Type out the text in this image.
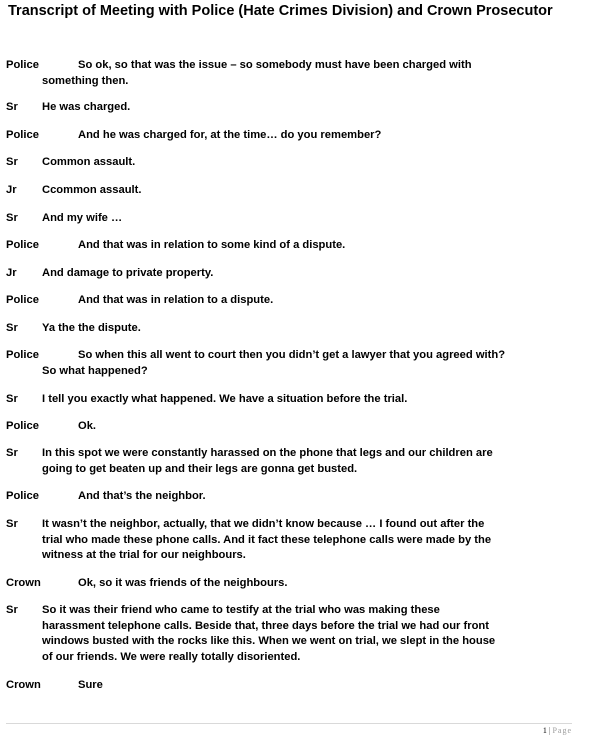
Transcript of Meeting with Police (Hate Crimes Division) and Crown Prosecutor
Police	So ok, so that was the issue – so somebody must have been charged with
something then.
Sr He was charged.
Police	And he was charged for, at the time… do you remember?
Sr Common assault.
Jr Ccommon assault.
Sr And my wife …
Police	And that was in relation to some kind of a dispute.
Jr And damage to private property.
Police	And that was in relation to a dispute.
Sr Ya the the dispute.
Police	So when this all went to court then you didn’t get a lawyer that you agreed with?
So what happened?
Sr I tell you exactly what happened. We have a situation before the trial.
Police	Ok.
Sr In this spot we were constantly harassed on the phone that legs and our children are
going to get beaten up and their legs are gonna get busted.
Police	And that’s the neighbor.
Sr It wasn’t the neighbor, actually, that we didn’t know because … I found out after the
trial who made these phone calls. And it fact these telephone calls were made by the
witness at the trial for our neighbours.
Crown	Ok, so it was friends of the neighbours.
Sr So it was their friend who came to testify at the trial who was making these
harassment telephone calls. Beside that, three days before the trial we had our front
windows busted with the rocks like this. When we went on trial, we slept in the house
of our friends. We were really totally disoriented.
Crown	Sure
1 | Page
